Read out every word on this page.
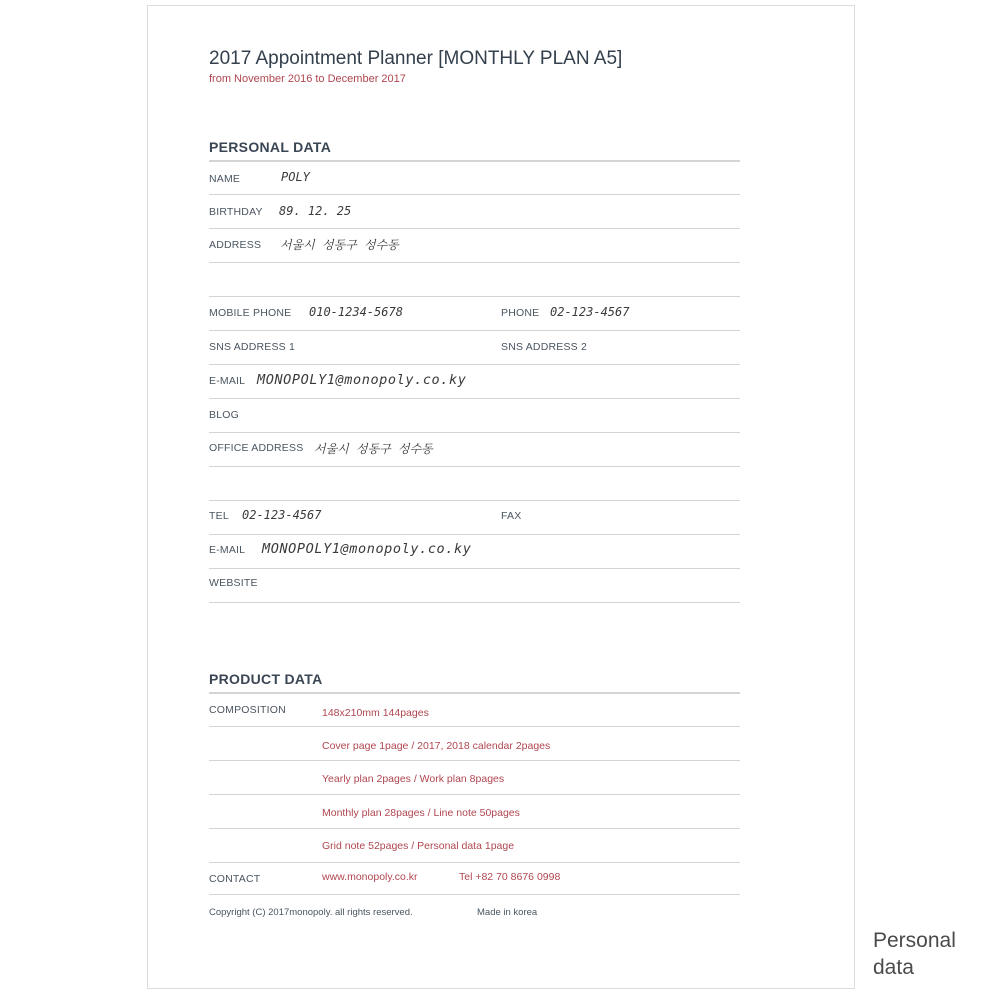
2017 Appointment Planner [MONTHLY PLAN A5]
from November 2016 to December 2017
PERSONAL DATA
NAME	POLY
BIRTHDAY 89. 12. 25
ADDRESS 서울시 성동구 성수동
MOBILE PHONE 010-1234-5678	PHONE 02-123-4567
SNS ADDRESS 1	SNS ADDRESS 2
E-MAIL MONOPOLY1@monopoly.co.ky
BLOG
OFFICE ADDRESS 서울시 성동구 성수동
TEL 02-123-4567	FAX
E-MAIL MONOPOLY1@monopoly.co.ky
WEBSITE
PRODUCT DATA
COMPOSITION	148x210mm 144pages
Cover page 1page / 2017, 2018 calendar 2pages
Yearly plan 2pages / Work plan 8pages
Monthly plan 28pages / Line note 50pages
Grid note 52pages / Personal data 1page
CONTACT	www.monopoly.co.kr	Tel +82 70 8676 0998
Copyright (C) 2017monopoly. all rights reserved.	Made in korea
Personal
data
